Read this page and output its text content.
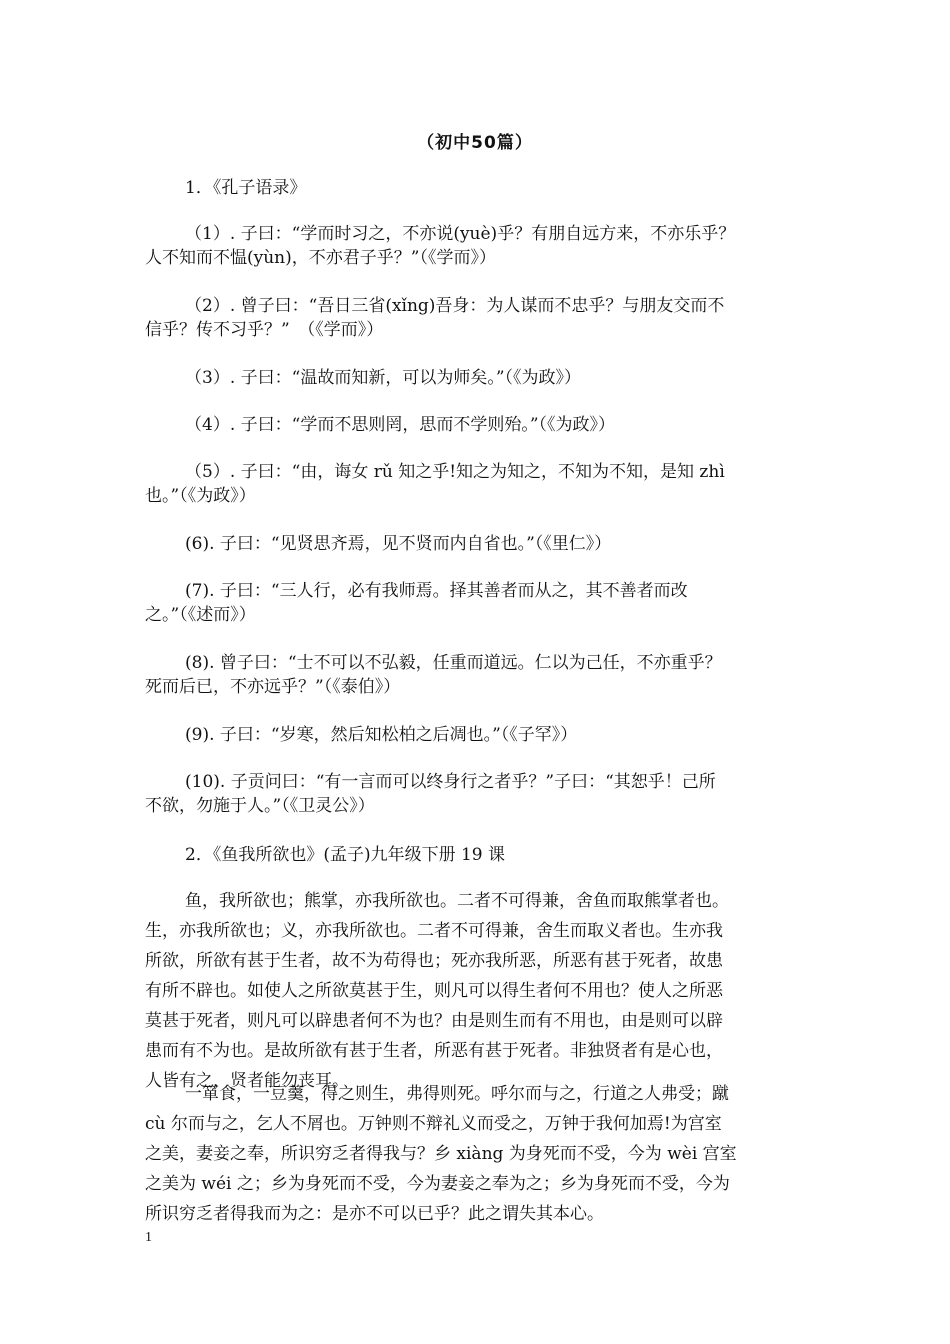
（初中50篇）
1．《孔子语录》
（1）. 子曰：“学而时习之，不亦说(yuè)乎？有朋自远方来，不亦乐乎？
人不知而不愠(yùn)，不亦君子乎？”（《学而》）
（2）. 曾子曰：“吾日三省(xǐng)吾身：为人谋而不忠乎？与朋友交而不
信乎？传不习乎？”　（《学而》）
（3）. 子曰：“温故而知新，可以为师矣。”（《为政》）
（4）. 子曰：“学而不思则罔，思而不学则殆。”（《为政》）
（5）. 子曰：“由，诲女 rǔ 知之乎!知之为知之，不知为不知，是知 zhì
也。”（《为政》）
(6). 子曰：“见贤思齐焉，见不贤而内自省也。”（《里仁》）
(7). 子曰：“三人行，必有我师焉。择其善者而从之，其不善者而改
之。”（《述而》）
(8). 曾子曰：“士不可以不弘毅，任重而道远。仁以为己任，不亦重乎？
死而后已，不亦远乎？”（《泰伯》）
(9). 子曰：“岁寒，然后知松柏之后凋也。”（《子罕》）
(10). 子贡问曰：“有一言而可以终身行之者乎？”子曰：“其恕乎！己所
不欲，勿施于人。”（《卫灵公》）
2．《鱼我所欲也》(孟子)九年级下册 19 课
鱼，我所欲也；熊掌，亦我所欲也。二者不可得兼，舍鱼而取熊掌者也。
生，亦我所欲也；义，亦我所欲也。二者不可得兼，舍生而取义者也。生亦我
所欲，所欲有甚于生者，故不为苟得也；死亦我所恶，所恶有甚于死者，故患
有所不辟也。如使人之所欲莫甚于生，则凡可以得生者何不用也？使人之所恶
莫甚于死者，则凡可以辟患者何不为也？由是则生而有不用也，由是则可以辟
患而有不为也。是故所欲有甚于生者，所恶有甚于死者。非独贤者有是心也，
人皆有之，贤者能勿丧耳。
一箪食，一豆羹，得之则生，弗得则死。呼尔而与之，行道之人弗受；蹴
cù 尔而与之，乞人不屑也。万钟则不辩礼义而受之，万钟于我何加焉!为宫室
之美，妻妾之奉，所识穷乏者得我与？乡 xiàng 为身死而不受，今为 wèi 宫室
之美为 wéi 之；乡为身死而不受，今为妻妾之奉为之；乡为身死而不受，今为
所识穷乏者得我而为之：是亦不可以已乎？此之谓失其本心。
1
